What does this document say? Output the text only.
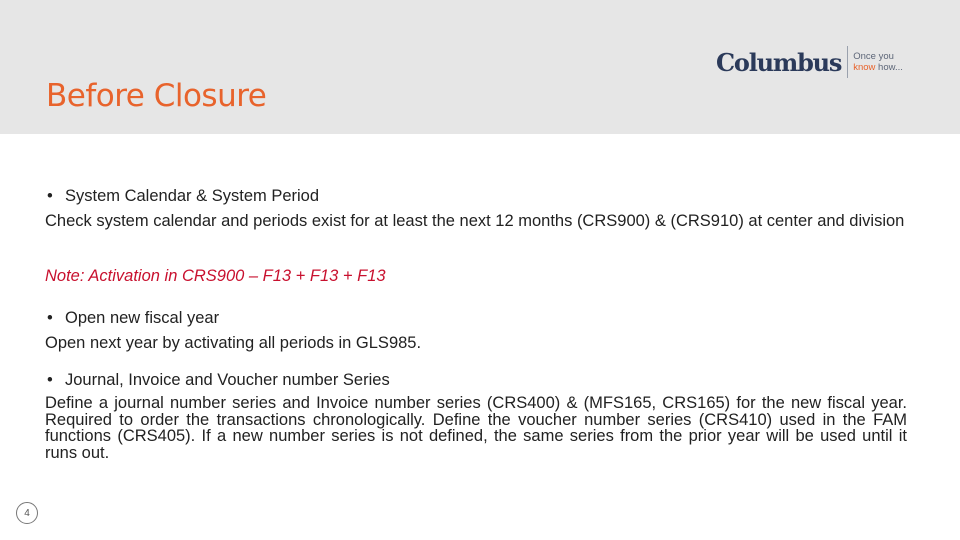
Before Closure
Columbus Once you
know how...
• System Calendar & System Period

Check system calendar and periods exist for at least the next 12 months (CRS900) & (CRS910) at center and division

Note: Activation in CRS900 – F13 + F13 + F13

• Open new fiscal year

Open next year by activating all periods in GLS985.

• Journal, Invoice and Voucher number Series

Define a journal number series and Invoice number series (CRS400) & (MFS165, CRS165) for the new fiscal year. Required to order the transactions chronologically. Define the voucher number series (CRS410) used in the FAM functions (CRS405). If a new number series is not defined, the same series from the prior year will be used until it runs out.

4
